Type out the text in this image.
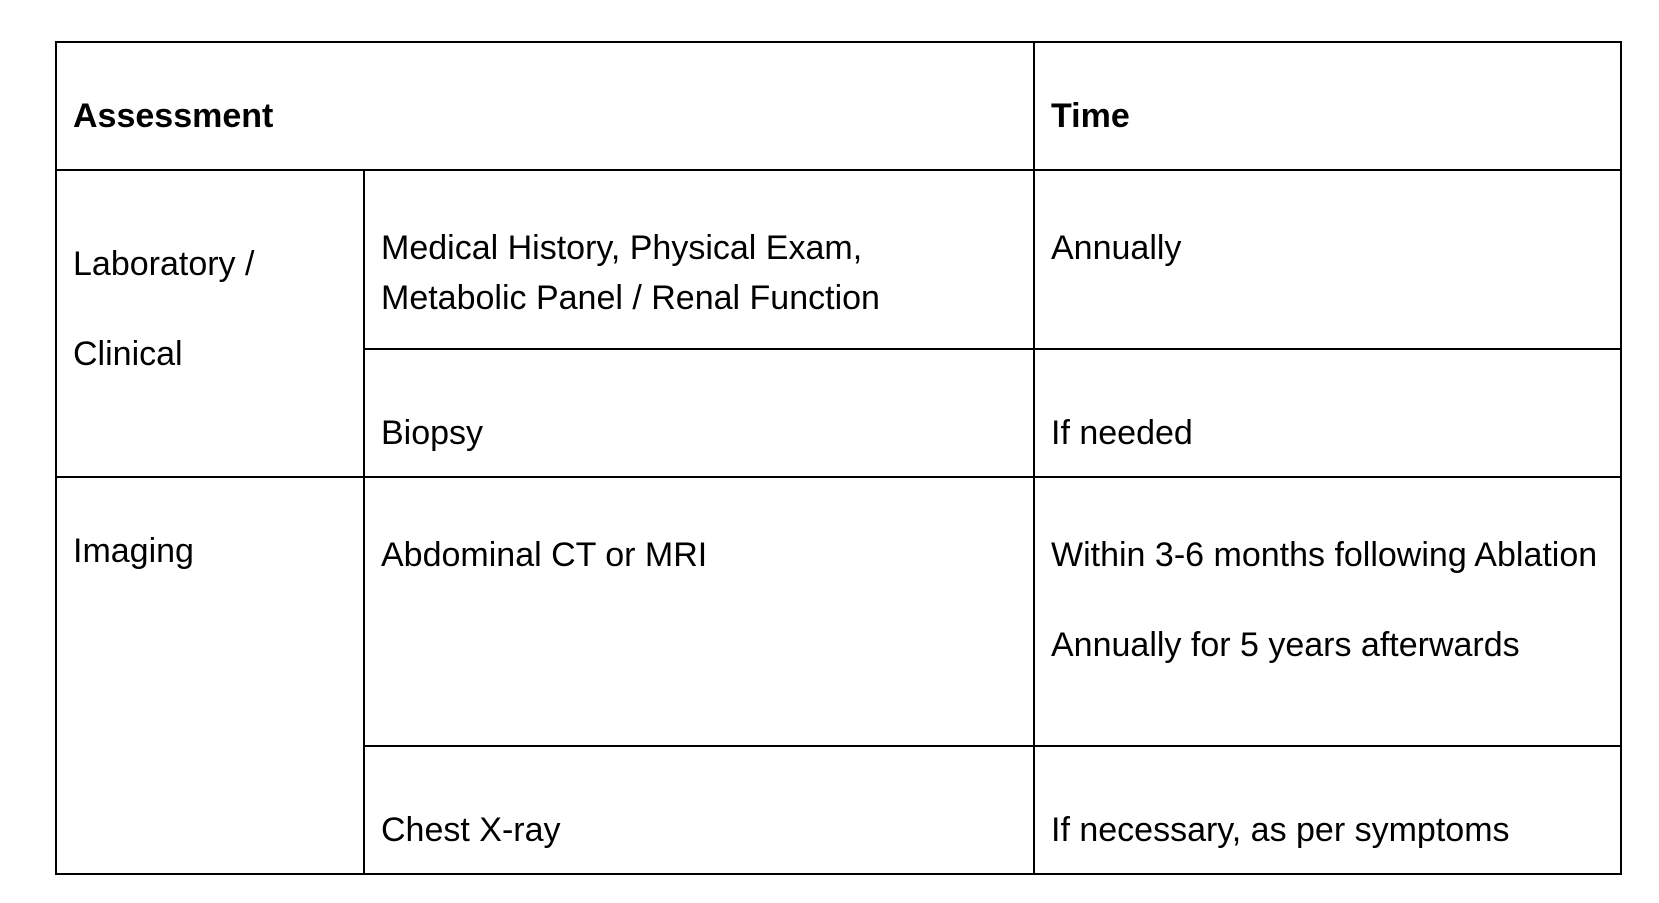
Assessment		Time
Laboratory / Clinical	Medical History, Physical Exam, Metabolic Panel / Renal Function	Annually

	Biopsy	If needed

Imaging	Abdominal CT or MRI	Within 3-6 months following Ablation

Annually for 5 years afterwards

	Chest X-ray	If necessary, as per symptoms
